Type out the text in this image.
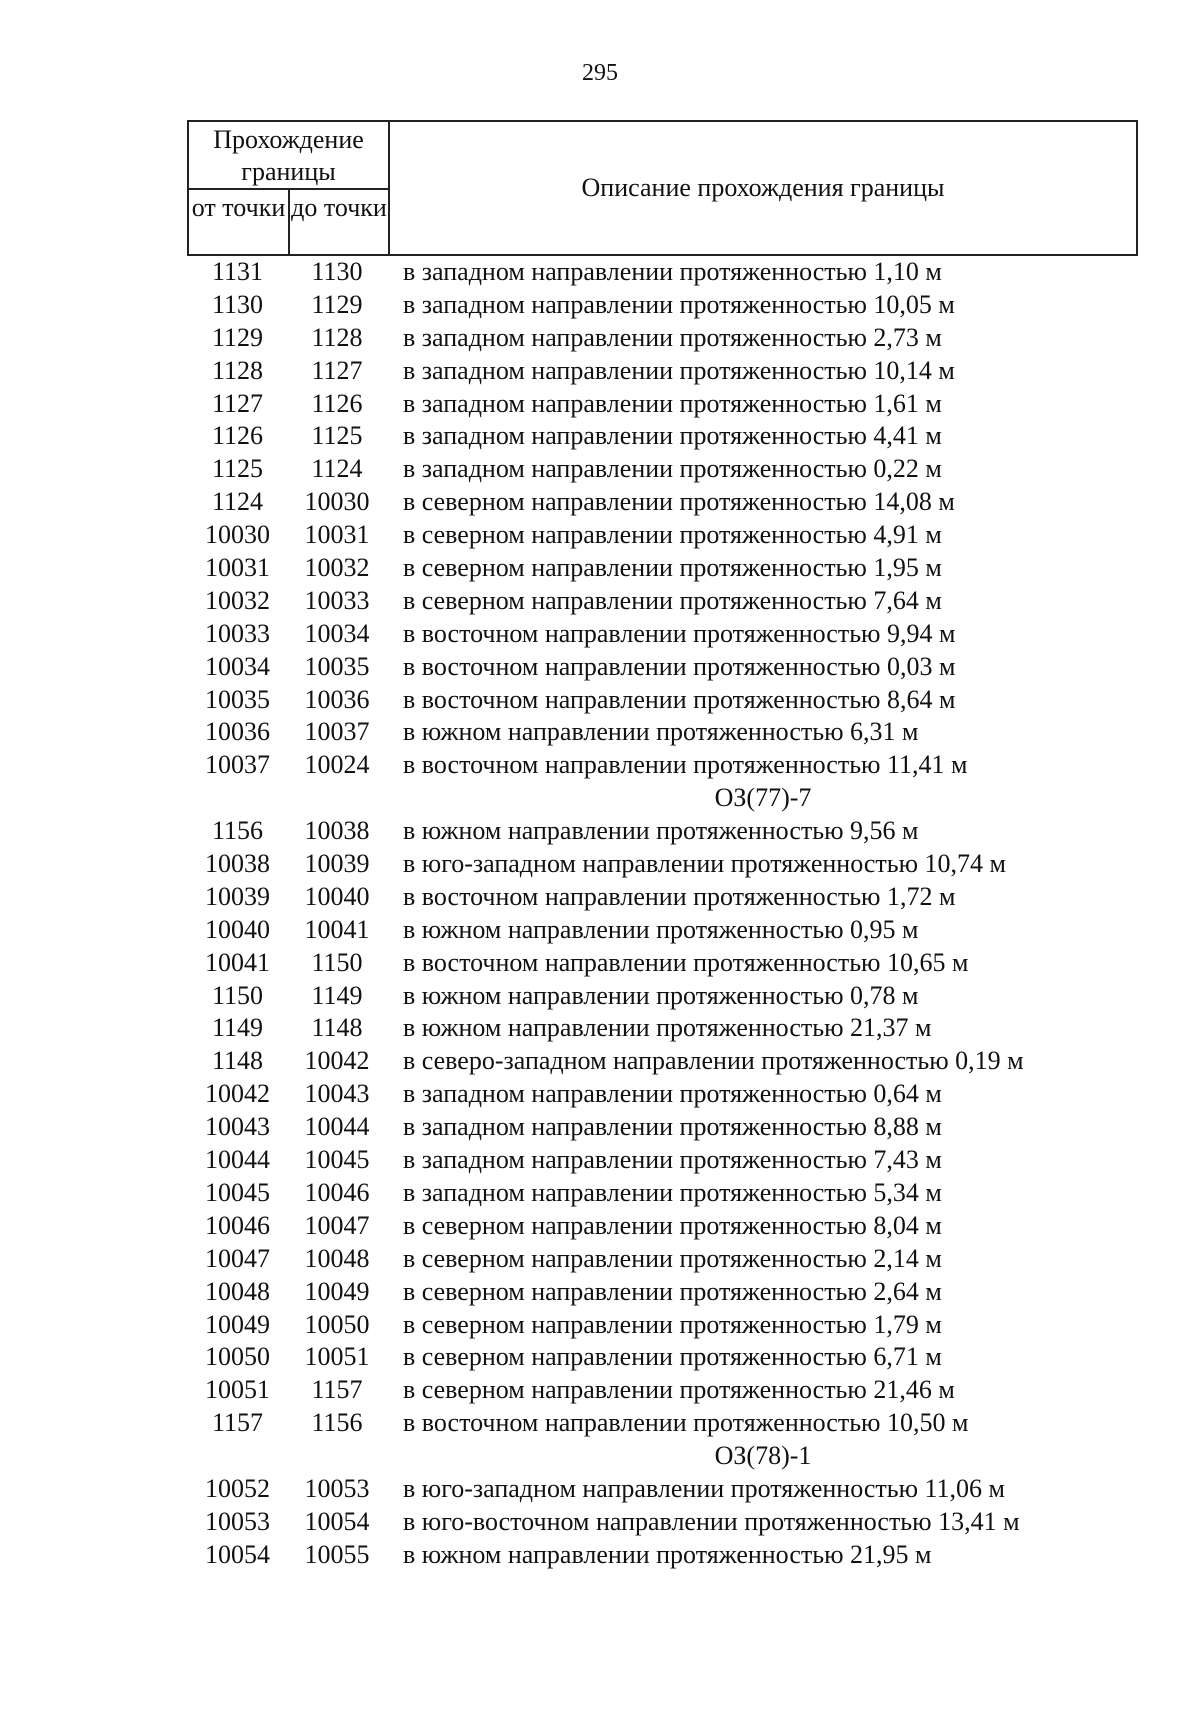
295
Прохождение границы
от точки до точки
Описание прохождения границы
1131	1130	в западном направлении протяженностью 1,10 м
1130	1129	в западном направлении протяженностью 10,05 м
1129	1128	в западном направлении протяженностью 2,73 м
1128	1127	в западном направлении протяженностью 10,14 м
1127	1126	в западном направлении протяженностью 1,61 м
1126	1125	в западном направлении протяженностью 4,41 м
1125	1124	в западном направлении протяженностью 0,22 м
1124	10030	в северном направлении протяженностью 14,08 м
10030	10031	в северном направлении протяженностью 4,91 м
10031	10032	в северном направлении протяженностью 1,95 м
10032	10033	в северном направлении протяженностью 7,64 м
10033	10034	в восточном направлении протяженностью 9,94 м
10034	10035	в восточном направлении протяженностью 0,03 м
10035	10036	в восточном направлении протяженностью 8,64 м
10036	10037	в южном направлении протяженностью 6,31 м
10037	10024	в восточном направлении протяженностью 11,41 м
ОЗ(77)-7
1156	10038	в южном направлении протяженностью 9,56 м
10038	10039	в юго-западном направлении протяженностью 10,74 м
10039	10040	в восточном направлении протяженностью 1,72 м
10040	10041	в южном направлении протяженностью 0,95 м
10041	1150	в восточном направлении протяженностью 10,65 м
1150	1149	в южном направлении протяженностью 0,78 м
1149	1148	в южном направлении протяженностью 21,37 м
1148	10042	в северо-западном направлении протяженностью 0,19 м
10042	10043	в западном направлении протяженностью 0,64 м
10043	10044	в западном направлении протяженностью 8,88 м
10044	10045	в западном направлении протяженностью 7,43 м
10045	10046	в западном направлении протяженностью 5,34 м
10046	10047	в северном направлении протяженностью 8,04 м
10047	10048	в северном направлении протяженностью 2,14 м
10048	10049	в северном направлении протяженностью 2,64 м
10049	10050	в северном направлении протяженностью 1,79 м
10050	10051	в северном направлении протяженностью 6,71 м
10051	1157	в северном направлении протяженностью 21,46 м
1157	1156	в восточном направлении протяженностью 10,50 м
ОЗ(78)-1
10052	10053	в юго-западном направлении протяженностью 11,06 м
10053	10054	в юго-восточном направлении протяженностью 13,41 м
10054	10055	в южном направлении протяженностью 21,95 м
